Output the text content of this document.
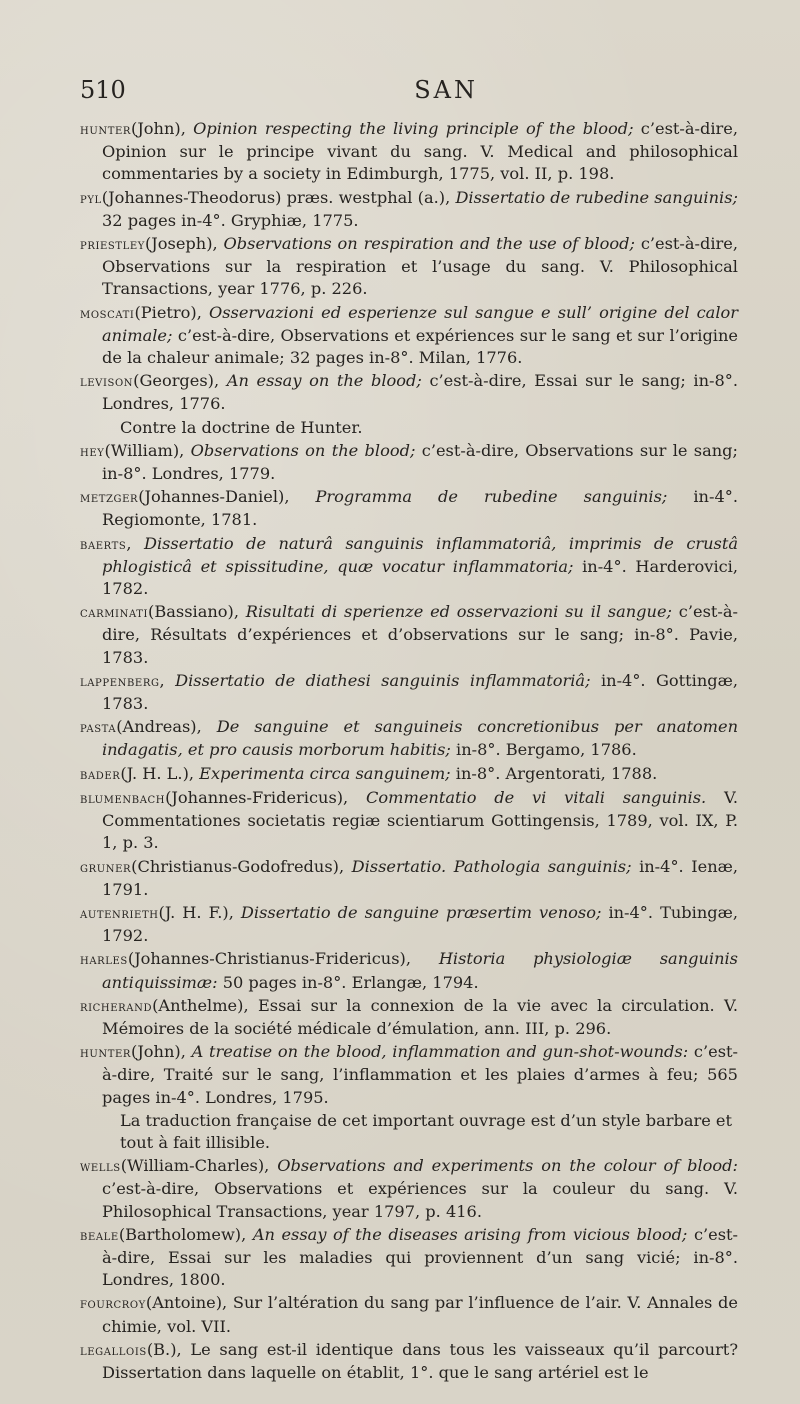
510	SAN

hunter(John), Opinion respecting the living principle of the blood; c’est-à-dire, Opinion sur le principe vivant du sang. V. Medical and philosophical commentaries by a society in Edimburgh, 1775, vol. II, p. 198.

pyl(Johannes-Theodorus) præs. westphal (a.), Dissertatio de rubedine sanguinis; 32 pages in-4°. Gryphiæ, 1775.

priestley(Joseph), Observations on respiration and the use of blood; c’est-à-dire, Observations sur la respiration et l’usage du sang. V. Philosophical Transactions, year 1776, p. 226.

moscati(Pietro), Osservazioni ed esperienze sul sangue e sull’ origine del calor animale; c’est-à-dire, Observations et expériences sur le sang et sur l’origine de la chaleur animale; 32 pages in-8°. Milan, 1776.

levison(Georges), An essay on the blood; c’est-à-dire, Essai sur le sang; in-8°. Londres, 1776.

Contre la doctrine de Hunter.

hey(William), Observations on the blood; c’est-à-dire, Observations sur le sang; in-8°. Londres, 1779.

metzger(Johannes-Daniel), Programma de rubedine sanguinis; in-4°. Regiomonte, 1781.

baerts, Dissertatio de naturâ sanguinis inflammatoriâ, imprimis de crustâ phlogisticâ et spissitudine, quæ vocatur inflammatoria; in-4°. Harderovici, 1782.

carminati(Bassiano), Risultati di sperienze ed osservazioni su il sangue; c’est-à-dire, Résultats d’expériences et d’observations sur le sang; in-8°. Pavie, 1783.

lappenberg, Dissertatio de diathesi sanguinis inflammatoriâ; in-4°. Gottingæ, 1783.

pasta(Andreas), De sanguine et sanguineis concretionibus per anatomen indagatis, et pro causis morborum habitis; in-8°. Bergamo, 1786.

bader(J. H. L.), Experimenta circa sanguinem; in-8°. Argentorati, 1788.

blumenbach(Johannes-Fridericus), Commentatio de vi vitali sanguinis. V. Commentationes societatis regiæ scientiarum Gottingensis, 1789, vol. IX, P. 1, p. 3.

gruner(Christianus-Godofredus), Dissertatio. Pathologia sanguinis; in-4°. Ienæ, 1791.

autenrieth(J. H. F.), Dissertatio de sanguine præsertim venoso; in-4°. Tubingæ, 1792.

harles(Johannes-Christianus-Fridericus), Historia physiologiæ sanguinis antiquissimæ: 50 pages in-8°. Erlangæ, 1794.

richerand(Anthelme), Essai sur la connexion de la vie avec la circulation. V. Mémoires de la société médicale d’émulation, ann. III, p. 296.

hunter(John), A treatise on the blood, inflammation and gun-shot-wounds: c’est-à-dire, Traité sur le sang, l’inflammation et les plaies d’armes à feu; 565 pages in-4°. Londres, 1795.

La traduction française de cet important ouvrage est d’un style barbare et tout à fait illisible.

wells(William-Charles), Observations and experiments on the colour of blood: c’est-à-dire, Observations et expériences sur la couleur du sang. V. Philosophical Transactions, year 1797, p. 416.

beale(Bartholomew), An essay of the diseases arising from vicious blood; c’est-à-dire, Essai sur les maladies qui proviennent d’un sang vicié; in-8°. Londres, 1800.

fourcroy(Antoine), Sur l’altération du sang par l’influence de l’air. V. Annales de chimie, vol. VII.

legallois(B.), Le sang est-il identique dans tous les vaisseaux qu’il parcourt? Dissertation dans laquelle on établit, 1°. que le sang artériel est le
